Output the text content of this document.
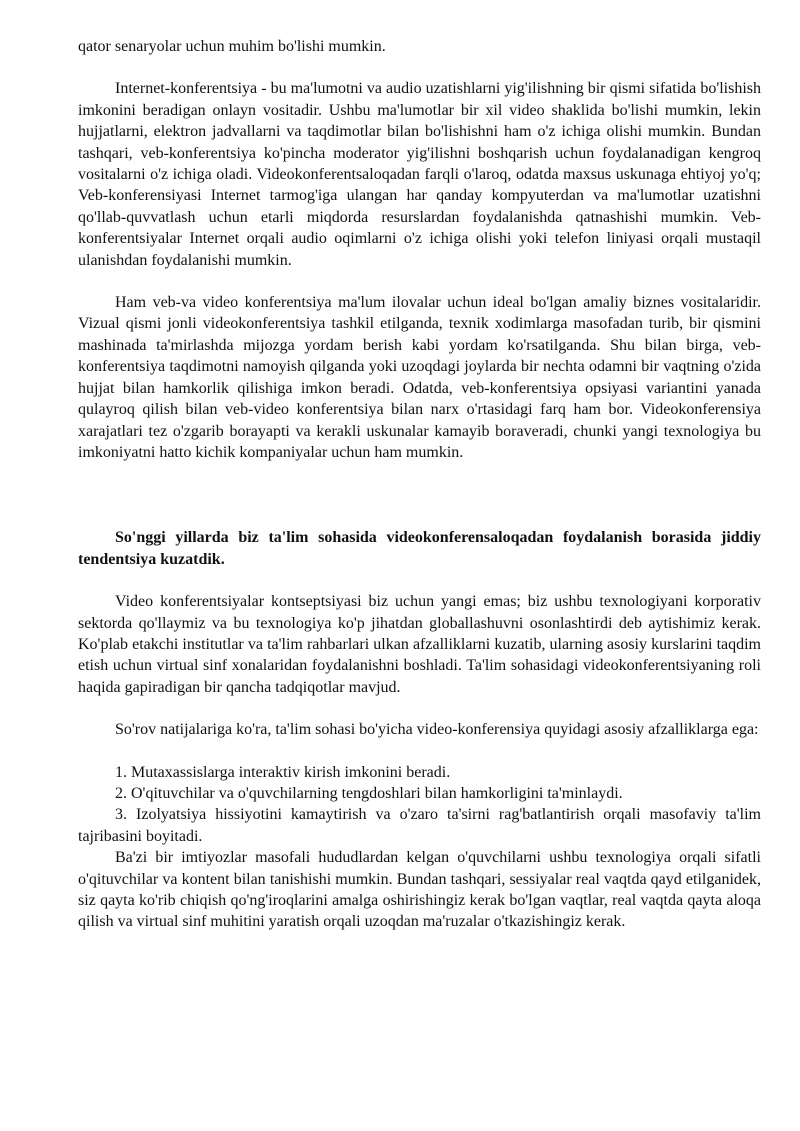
qator senaryolar uchun muhim bo'lishi mumkin.

Internet-konferentsiya - bu ma'lumotni va audio uzatishlarni yig'ilishning bir qismi sifatida bo'lishish imkonini beradigan onlayn vositadir. Ushbu ma'lumotlar bir xil video shaklida bo'lishi mumkin, lekin hujjatlarni, elektron jadvallarni va taqdimotlar bilan bo'lishishni ham o'z ichiga olishi mumkin. Bundan tashqari, veb-konferentsiya ko'pincha moderator yig'ilishni boshqarish uchun foydalanadigan kengroq vositalarni o'z ichiga oladi. Videokonferentsaloqadan farqli o'laroq, odatda maxsus uskunaga ehtiyoj yo'q; Veb-konferensiyasi Internet tarmog'iga ulangan har qanday kompyuterdan va ma'lumotlar uzatishni qo'llab-quvvatlash uchun etarli miqdorda resurslardan foydalanishda qatnashishi mumkin. Veb-konferentsiyalar Internet orqali audio oqimlarni o'z ichiga olishi yoki telefon liniyasi orqali mustaqil ulanishdan foydalanishi mumkin.

Ham veb-va video konferentsiya ma'lum ilovalar uchun ideal bo'lgan amaliy biznes vositalaridir. Vizual qismi jonli videokonferentsiya tashkil etilganda, texnik xodimlarga masofadan turib, bir qismini mashinada ta'mirlashda mijozga yordam berish kabi yordam ko'rsatilganda. Shu bilan birga, veb-konferentsiya taqdimotni namoyish qilganda yoki uzoqdagi joylarda bir nechta odamni bir vaqtning o'zida hujjat bilan hamkorlik qilishiga imkon beradi. Odatda, veb-konferentsiya opsiyasi variantini yanada qulayroq qilish bilan veb-video konferentsiya bilan narx o'rtasidagi farq ham bor. Videokonferensiya xarajatlari tez o'zgarib borayapti va kerakli uskunalar kamayib boraveradi, chunki yangi texnologiya bu imkoniyatni hatto kichik kompaniyalar uchun ham mumkin.

So'nggi yillarda biz ta'lim sohasida videokonferensaloqadan foydalanish borasida jiddiy tendentsiya kuzatdik.

Video konferentsiyalar kontseptsiyasi biz uchun yangi emas; biz ushbu texnologiyani korporativ sektorda qo'llaymiz va bu texnologiya ko'p jihatdan globallashuvni osonlashtirdi deb aytishimiz kerak. Ko'plab etakchi institutlar va ta'lim rahbarlari ulkan afzalliklarni kuzatib, ularning asosiy kurslarini taqdim etish uchun virtual sinf xonalaridan foydalanishni boshladi. Ta'lim sohasidagi videokonferentsiyaning roli haqida gapiradigan bir qancha tadqiqotlar mavjud.

So'rov natijalariga ko'ra, ta'lim sohasi bo'yicha video-konferensiya quyidagi asosiy afzalliklarga ega:

1. Mutaxassislarga interaktiv kirish imkonini beradi.

2. O'qituvchilar va o'quvchilarning tengdoshlari bilan hamkorligini ta'minlaydi.

3. Izolyatsiya hissiyotini kamaytirish va o'zaro ta'sirni rag'batlantirish orqali masofaviy ta'lim tajribasini boyitadi.

Ba'zi bir imtiyozlar masofali hududlardan kelgan o'quvchilarni ushbu texnologiya orqali sifatli o'qituvchilar va kontent bilan tanishishi mumkin. Bundan tashqari, sessiyalar real vaqtda qayd etilganidek, siz qayta ko'rib chiqish qo'ng'iroqlarini amalga oshirishingiz kerak bo'lgan vaqtlar, real vaqtda qayta aloqa qilish va virtual sinf muhitini yaratish orqali uzoqdan ma'ruzalar o'tkazishingiz kerak.
